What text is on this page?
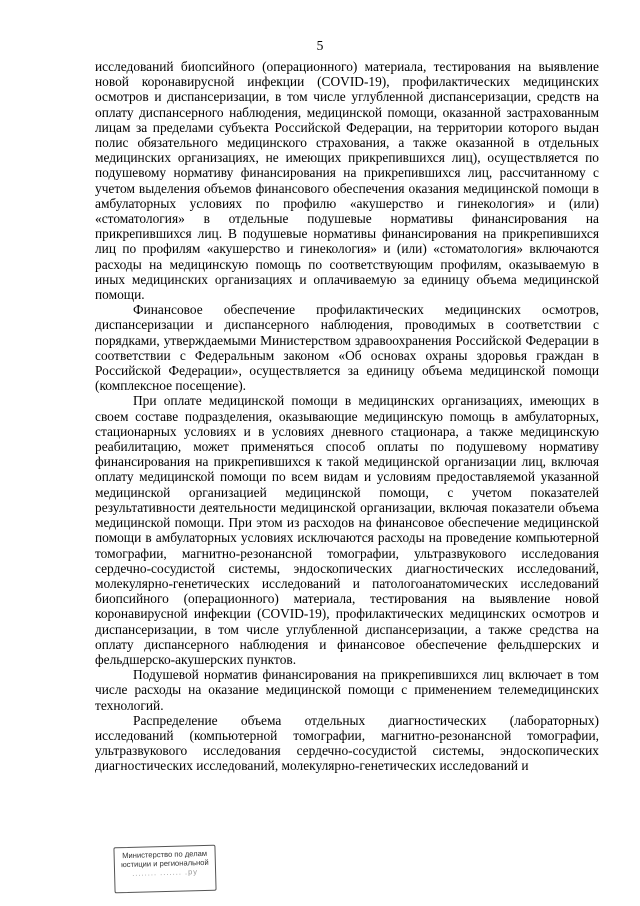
5

исследований биопсийного (операционного) материала, тестирования на выявление новой коронавирусной инфекции (COVID-19), профилактических медицинских осмотров и диспансеризации, в том числе углубленной диспансеризации, средств на оплату диспансерного наблюдения, медицинской помощи, оказанной застрахованным лицам за пределами субъекта Российской Федерации, на территории которого выдан полис обязательного медицинского страхования, а также оказанной в отдельных медицинских организациях, не имеющих прикрепившихся лиц), осуществляется по подушевому нормативу финансирования на прикрепившихся лиц, рассчитанному с учетом выделения объемов финансового обеспечения оказания медицинской помощи в амбулаторных условиях по профилю «акушерство и гинекология» и (или) «стоматология» в отдельные подушевые нормативы финансирования на прикрепившихся лиц. В подушевые нормативы финансирования на прикрепившихся лиц по профилям «акушерство и гинекология» и (или) «стоматология» включаются расходы на медицинскую помощь по соответствующим профилям, оказываемую в иных медицинских организациях и оплачиваемую за единицу объема медицинской помощи.

Финансовое обеспечение профилактических медицинских осмотров, диспансеризации и диспансерного наблюдения, проводимых в соответствии с порядками, утверждаемыми Министерством здравоохранения Российской Федерации в соответствии с Федеральным законом «Об основах охраны здоровья граждан в Российской Федерации», осуществляется за единицу объема медицинской помощи (комплексное посещение).

При оплате медицинской помощи в медицинских организациях, имеющих в своем составе подразделения, оказывающие медицинскую помощь в амбулаторных, стационарных условиях и в условиях дневного стационара, а также медицинскую реабилитацию, может применяться способ оплаты по подушевому нормативу финансирования на прикрепившихся к такой медицинской организации лиц, включая оплату медицинской помощи по всем видам и условиям предоставляемой указанной медицинской организацией медицинской помощи, с учетом показателей результативности деятельности медицинской организации, включая показатели объема медицинской помощи. При этом из расходов на финансовое обеспечение медицинской помощи в амбулаторных условиях исключаются расходы на проведение компьютерной томографии, магнитно-резонансной томографии, ультразвукового исследования сердечно-сосудистой системы, эндоскопических диагностических исследований, молекулярно-генетических исследований и патологоанатомических исследований биопсийного (операционного) материала, тестирования на выявление новой коронавирусной инфекции (COVID-19), профилактических медицинских осмотров и диспансеризации, в том числе углубленной диспансеризации, а также средства на оплату диспансерного наблюдения и финансовое обеспечение фельдшерских и фельдшерско-акушерских пунктов.

Подушевой норматив финансирования на прикрепившихся лиц включает в том числе расходы на оказание медицинской помощи с применением телемедицинских технологий.

Распределение объема отдельных диагностических (лабораторных) исследований (компьютерной томографии, магнитно-резонансной томографии, ультразвукового исследования сердечно-сосудистой системы, эндоскопических диагностических исследований, молекулярно-генетических исследований и

Министерство по делам
юстиции и региональной
........ ....... .ру
